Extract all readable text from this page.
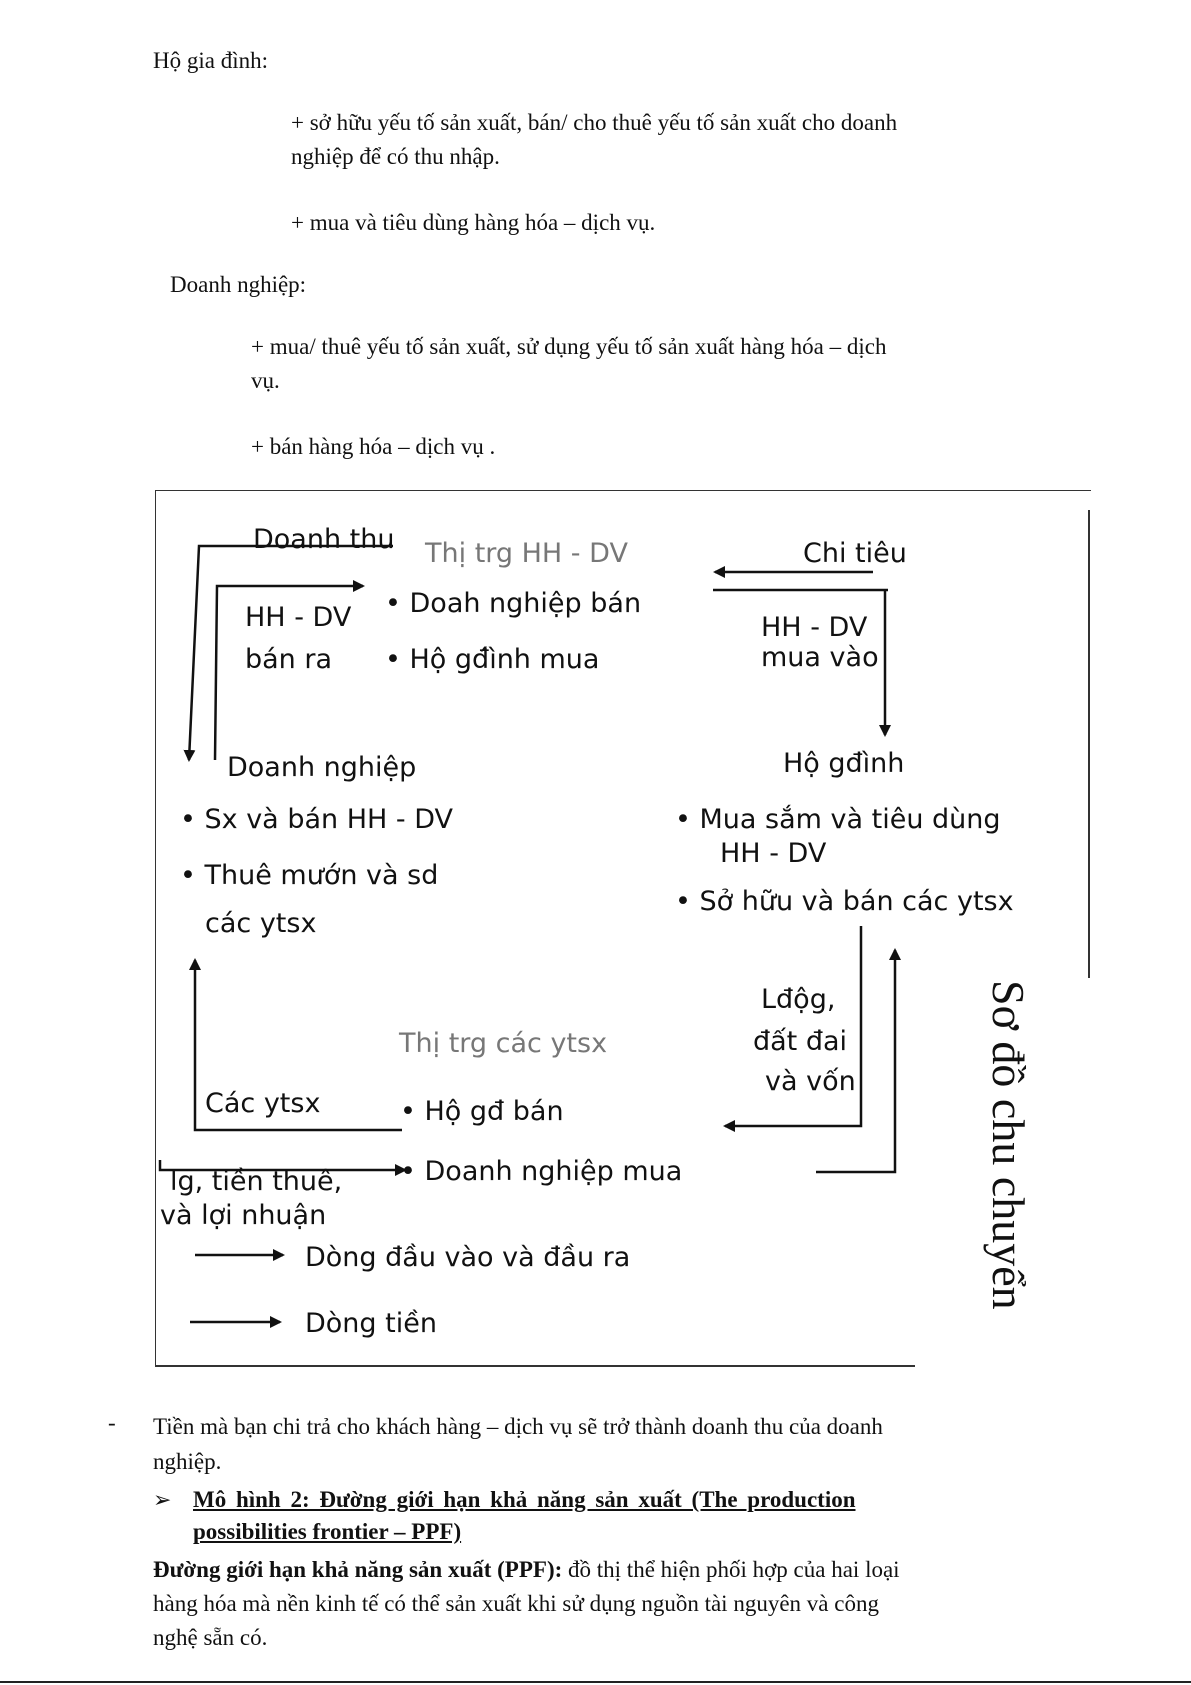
Hộ gia đình:
+ sở hữu yếu tố sản xuất, bán/ cho thuê yếu tố sản xuất cho doanh
nghiệp để có thu nhập.
+ mua và tiêu dùng hàng hóa – dịch vụ.
Doanh nghiệp:
+ mua/ thuê yếu tố sản xuất, sử dụng yếu tố sản xuất hàng hóa – dịch
vụ.
+ bán hàng hóa – dịch vụ .
Doanh thu Thị trg HH - DV
• Doah nghiệp bán
• Hộ gđ́ình mua
Chi tiêu
HH - DV
bán ra
HH - DV
mua vào
Doanh nghiệp
• Sx và bán HH - DV
• Thuê mướn và sd
các ytsx
Hộ gđình
• Mua sắm và tiêu dùng
HH - DV
• Sở hữu và bán các ytsx
Lđộg,
đất đai
và vốn
Thị trg các ytsx
Các ytsx	• Hộ gđ bán
• Doanh nghiệp mua
lg, tiền thuê,
và lợi nhuận
Dòng đầu vào và đầu ra
Dòng tiền
Sơ đồ chu chuyển
- Tiền mà bạn chi trả cho khách hàng – dịch vụ sẽ trở thành doanh thu của doanh
nghiệp.
➢ Mô hình 2: Đường giới hạn khả năng sản xuất (The production
possibilities frontier – PPF)
Đường giới hạn khả năng sản xuất (PPF): đồ thị thể hiện phối hợp của hai loại
hàng hóa mà nền kinh tế có thể sản xuất khi sử dụng nguồn tài nguyên và công
nghệ sẵn có.
